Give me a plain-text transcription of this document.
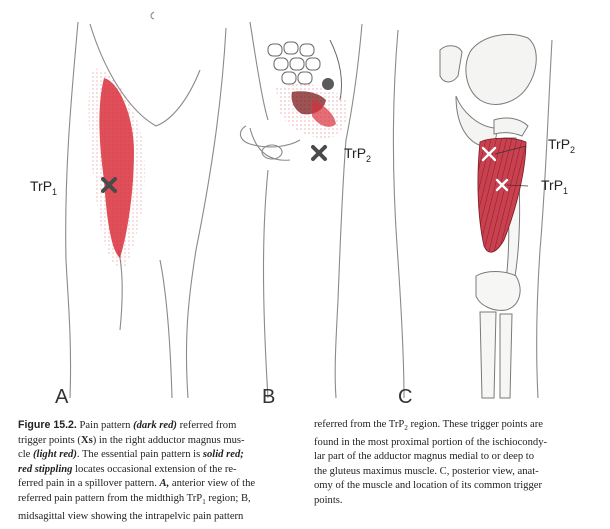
A	B	C
TrP$_1$
TrP$_2$
TrP$_2$
TrP$_1$
Figure 15.2. Pain pattern (dark red) referred from
trigger points (Xs) in the right adductor magnus mus-
cle (light red). The essential pain pattern is solid red;
red stippling locates occasional extension of the re-
ferred pain in a spillover pattern. A, anterior view of the
referred pain pattern from the midthigh TrP$_1$ region; B,
midsagittal view showing the intrapelvic pain pattern
referred from the TrP$_2$ region. These trigger points are
found in the most proximal portion of the ischiocondy-
lar part of the adductor magnus medial to or deep to
the gluteus maximus muscle. C, posterior view, anat-
omy of the muscle and location of its common trigger
points.
